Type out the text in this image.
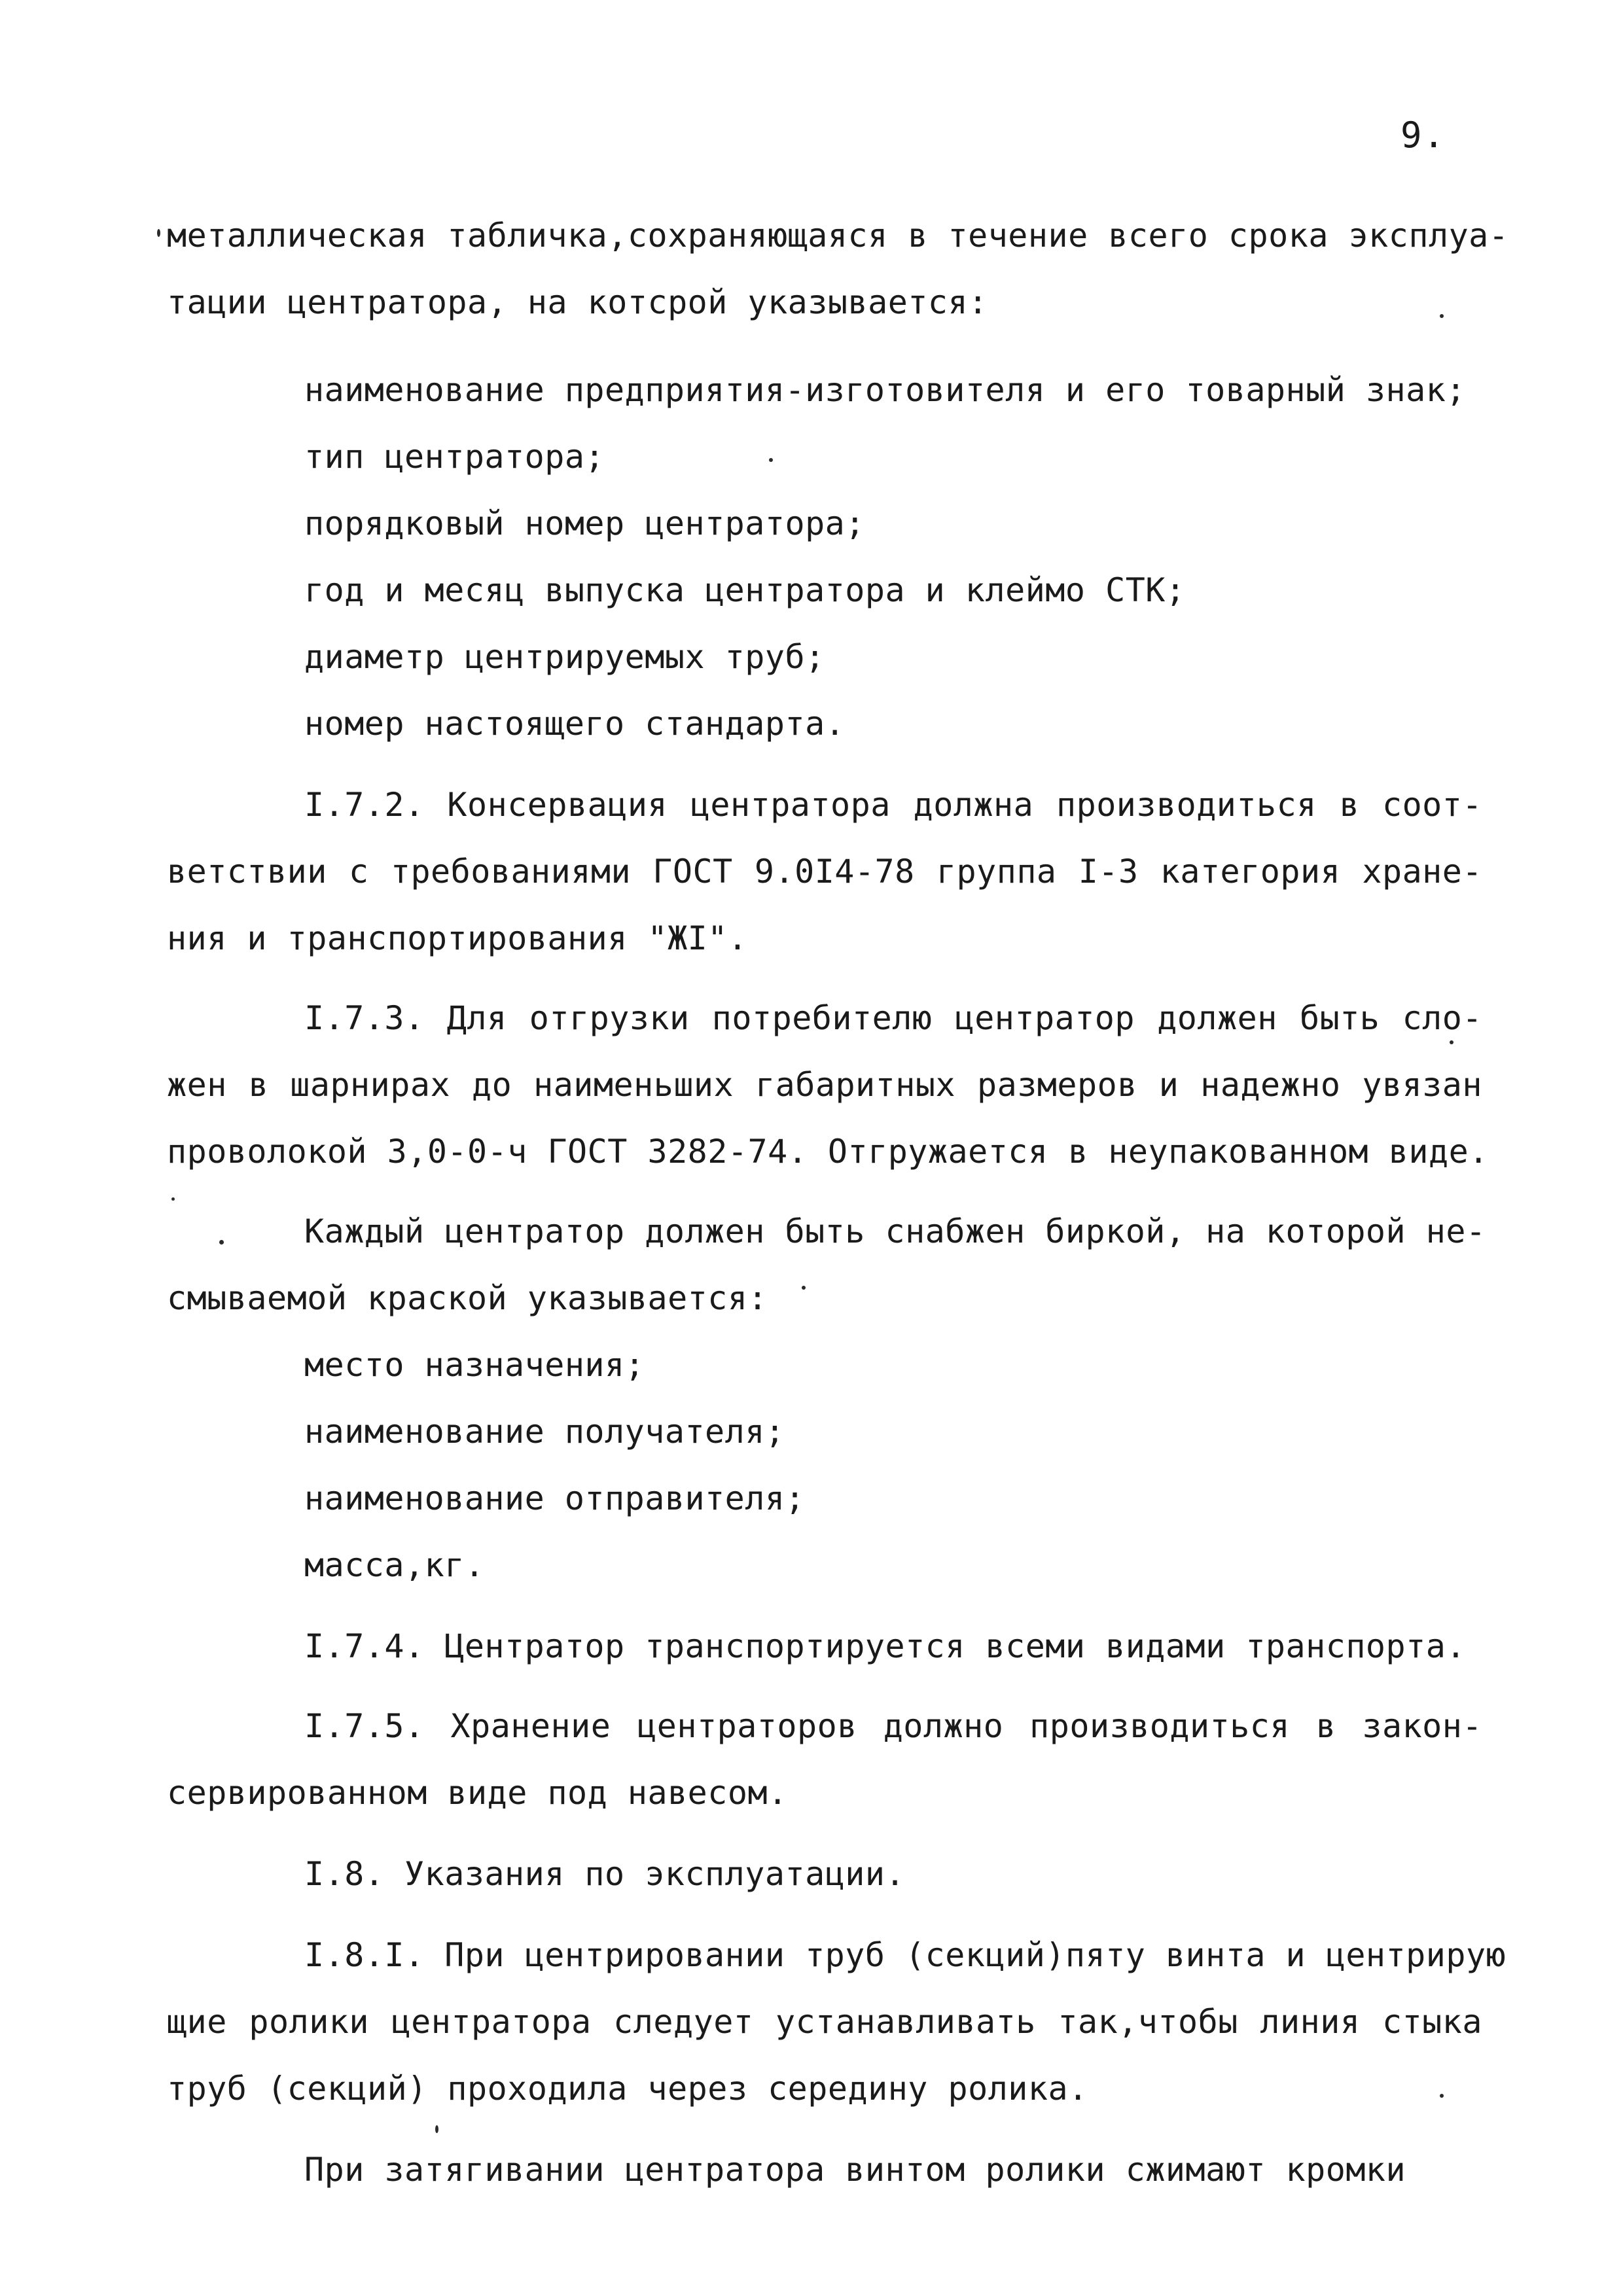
9.
металлическая табличка,сохраняющаяся в течение всего срока эксплуа-
тации центратора, на котсрой указывается:
наименование предприятия-изготовителя и его товарный знак;
тип центратора;
порядковый номер центратора;
год и месяц выпуска центратора и клеймо СТК;
диаметр центрируемых труб;
номер настоящего стандарта.
I.7.2. Консервация центратора должна производиться в соот-
ветствии с требованиями ГОСТ 9.0I4-78 группа I-3 категория хране-
ния и транспортирования "ЖI".
I.7.3. Для отгрузки потребителю центратор должен быть сло-
жен в шарнирах до наименьших габаритных размеров и надежно увязан
проволокой 3,0-0-ч ГОСТ 3282-74. Отгружается в неупакованном виде.
Каждый центратор должен быть снабжен биркой, на которой не-
смываемой краской указывается:
место назначения;
наименование получателя;
наименование отправителя;
масса,кг.
I.7.4. Центратор транспортируется всеми видами транспорта.
I.7.5. Хранение центраторов должно производиться в закон-
сервированном виде под навесом.
I.8. Указания по эксплуатации.
I.8.I. При центрировании труб (секций)пяту винта и центрирую
щие ролики центратора следует устанавливать так,чтобы линия стыка
труб (секций) проходила через середину ролика.
При затягивании центратора винтом ролики сжимают кромки
